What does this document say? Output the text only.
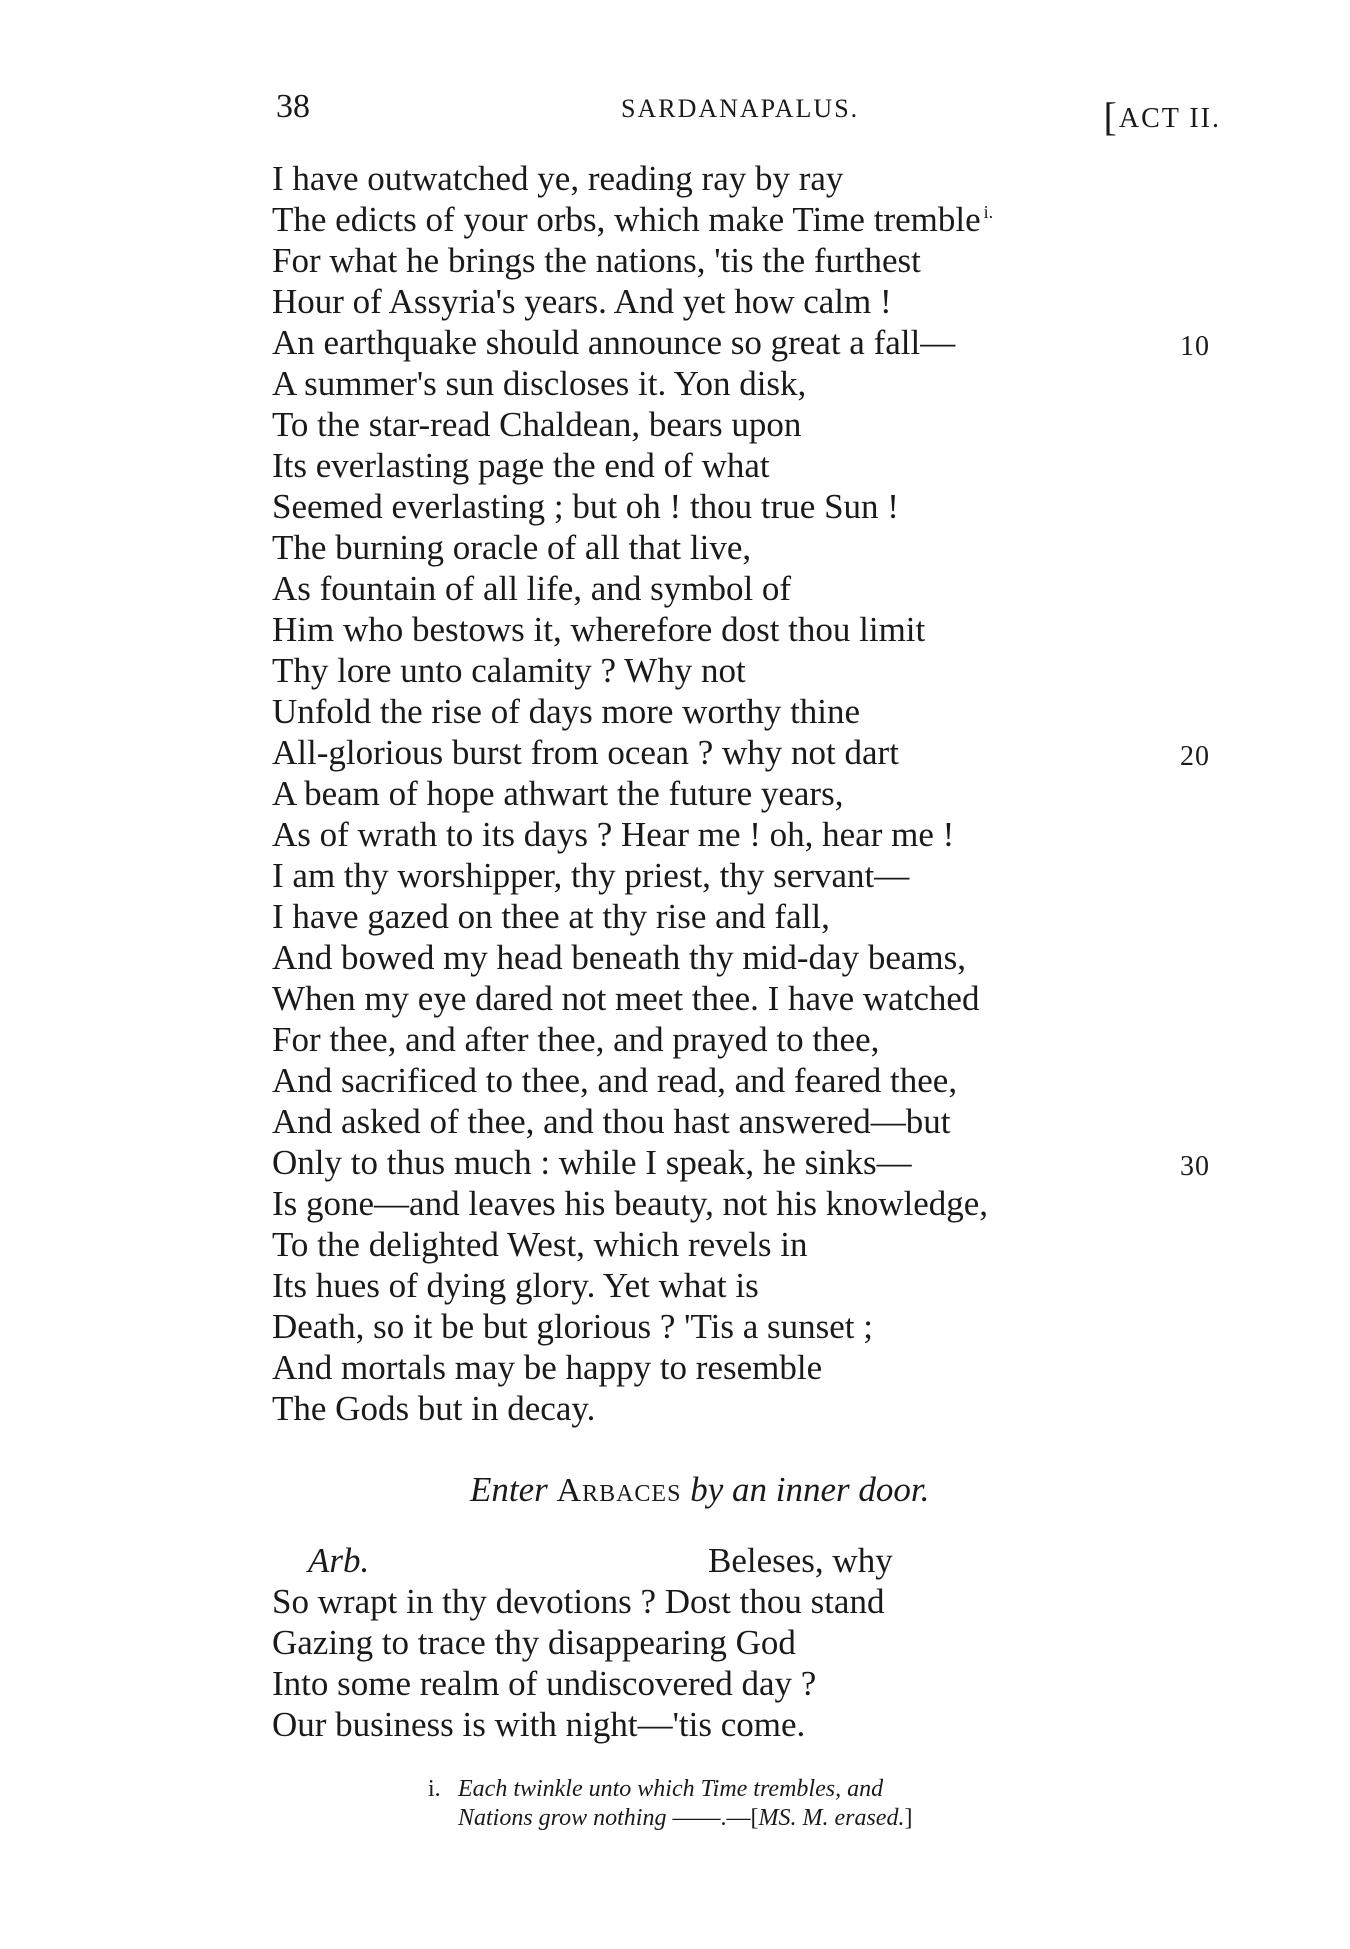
38	SARDANAPALUS.	[ACT II.
I have outwatched ye, reading ray by ray
The edicts of your orbs, which make Time tremble $^{i.}$
For what he brings the nations, 'tis the furthest
Hour of Assyria's years. And yet how calm !
An earthquake should announce so great a fall—	10
A summer's sun discloses it. Yon disk,
To the star-read Chaldean, bears upon
Its everlasting page the end of what
Seemed everlasting ; but oh ! thou true Sun !
The burning oracle of all that live,
As fountain of all life, and symbol of
Him who bestows it, wherefore dost thou limit
Thy lore unto calamity ? Why not
Unfold the rise of days more worthy thine
All-glorious burst from ocean ? why not dart	20
A beam of hope athwart the future years,
As of wrath to its days ? Hear me ! oh, hear me !
I am thy worshipper, thy priest, thy servant—
I have gazed on thee at thy rise and fall,
And bowed my head beneath thy mid-day beams,
When my eye dared not meet thee. I have watched
For thee, and after thee, and prayed to thee,
And sacrificed to thee, and read, and feared thee,
And asked of thee, and thou hast answered—but
Only to thus much : while I speak, he sinks—	30
Is gone—and leaves his beauty, not his knowledge,
To the delighted West, which revels in
Its hues of dying glory. Yet what is
Death, so it be but glorious ? 'Tis a sunset ;
And mortals may be happy to resemble
The Gods but in decay.
Enter Arbaces by an inner door.
Arb.	Beleses, why
So wrapt in thy devotions ? Dost thou stand
Gazing to trace thy disappearing God
Into some realm of undiscovered day ?
Our business is with night—'tis come.
i. Each twinkle unto which Time trembles, and
Nations grow nothing ——.—[MS. M. erased.]
